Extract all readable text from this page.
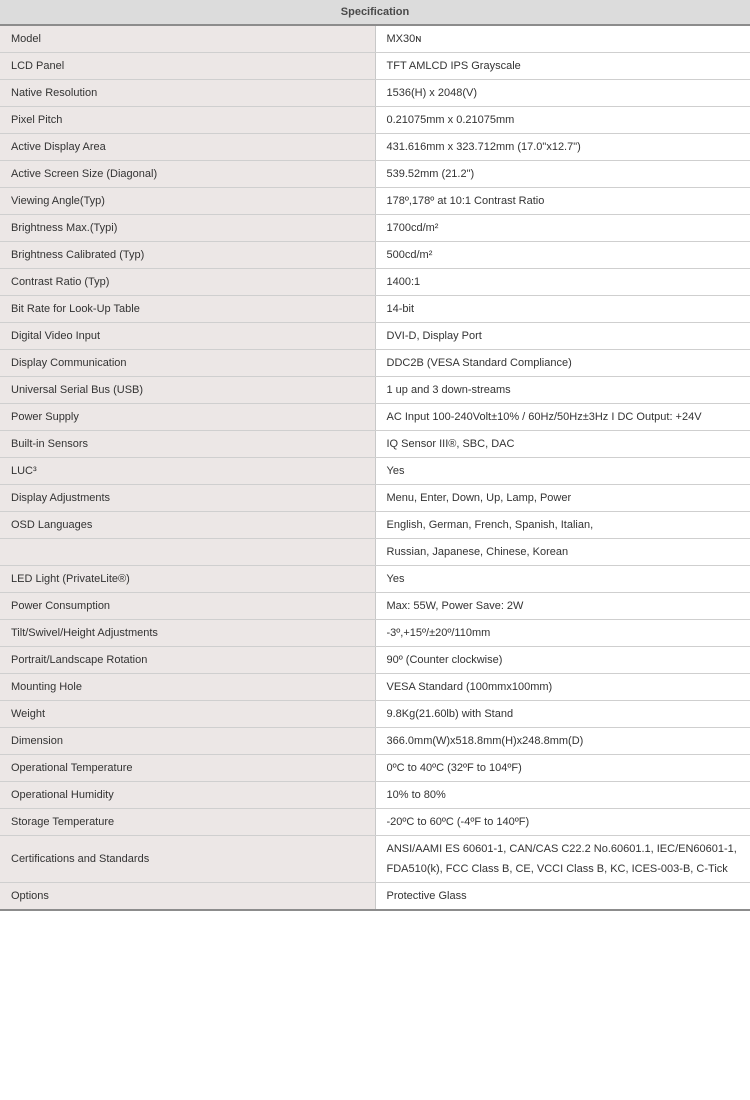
Specification	
Model	MX30ɴ
LCD Panel	TFT AMLCD IPS Grayscale
Native Resolution	1536(H) x 2048(V)
Pixel Pitch	0.21075mm x 0.21075mm
Active Display Area	431.616mm x 323.712mm (17.0"x12.7")
Active Screen Size (Diagonal)	539.52mm (21.2")
Viewing Angle(Typ)	178º,178º at 10:1 Contrast Ratio
Brightness Max.(Typi)	1700cd/m²
Brightness Calibrated (Typ)	500cd/m²
Contrast Ratio (Typ)	1400:1
Bit Rate for Look-Up Table	14-bit
Digital Video Input	DVI-D, Display Port
Display Communication	DDC2B (VESA Standard Compliance)
Universal Serial Bus (USB)	1 up and 3 down-streams
Power Supply	AC Input 100-240Volt±10% / 60Hz/50Hz±3Hz I DC Output: +24V
Built-in Sensors	IQ Sensor III®, SBC, DAC
LUC³	Yes
Display Adjustments	Menu, Enter, Down, Up, Lamp, Power
OSD Languages	English, German, French, Spanish, Italian,
	Russian, Japanese, Chinese, Korean
LED Light (PrivateLite®)	Yes
Power Consumption	Max: 55W, Power Save: 2W
Tilt/Swivel/Height Adjustments	-3º,+15º/±20º/110mm
Portrait/Landscape Rotation	90º (Counter clockwise)
Mounting Hole	VESA Standard (100mmx100mm)
Weight	9.8Kg(21.60lb) with Stand
Dimension	366.0mm(W)x518.8mm(H)x248.8mm(D)
Operational Temperature	0ºC to 40ºC (32ºF to 104ºF)
Operational Humidity	10% to 80%
Storage Temperature	-20ºC to 60ºC (-4ºF to 140ºF)
Certifications and Standards	ANSI/AAMI ES 60601-1, CAN/CAS C22.2 No.60601.1, IEC/EN60601-1, FDA510(k), FCC Class B, CE, VCCI Class B, KC, ICES-003-B, C-Tick
Options	Protective Glass
